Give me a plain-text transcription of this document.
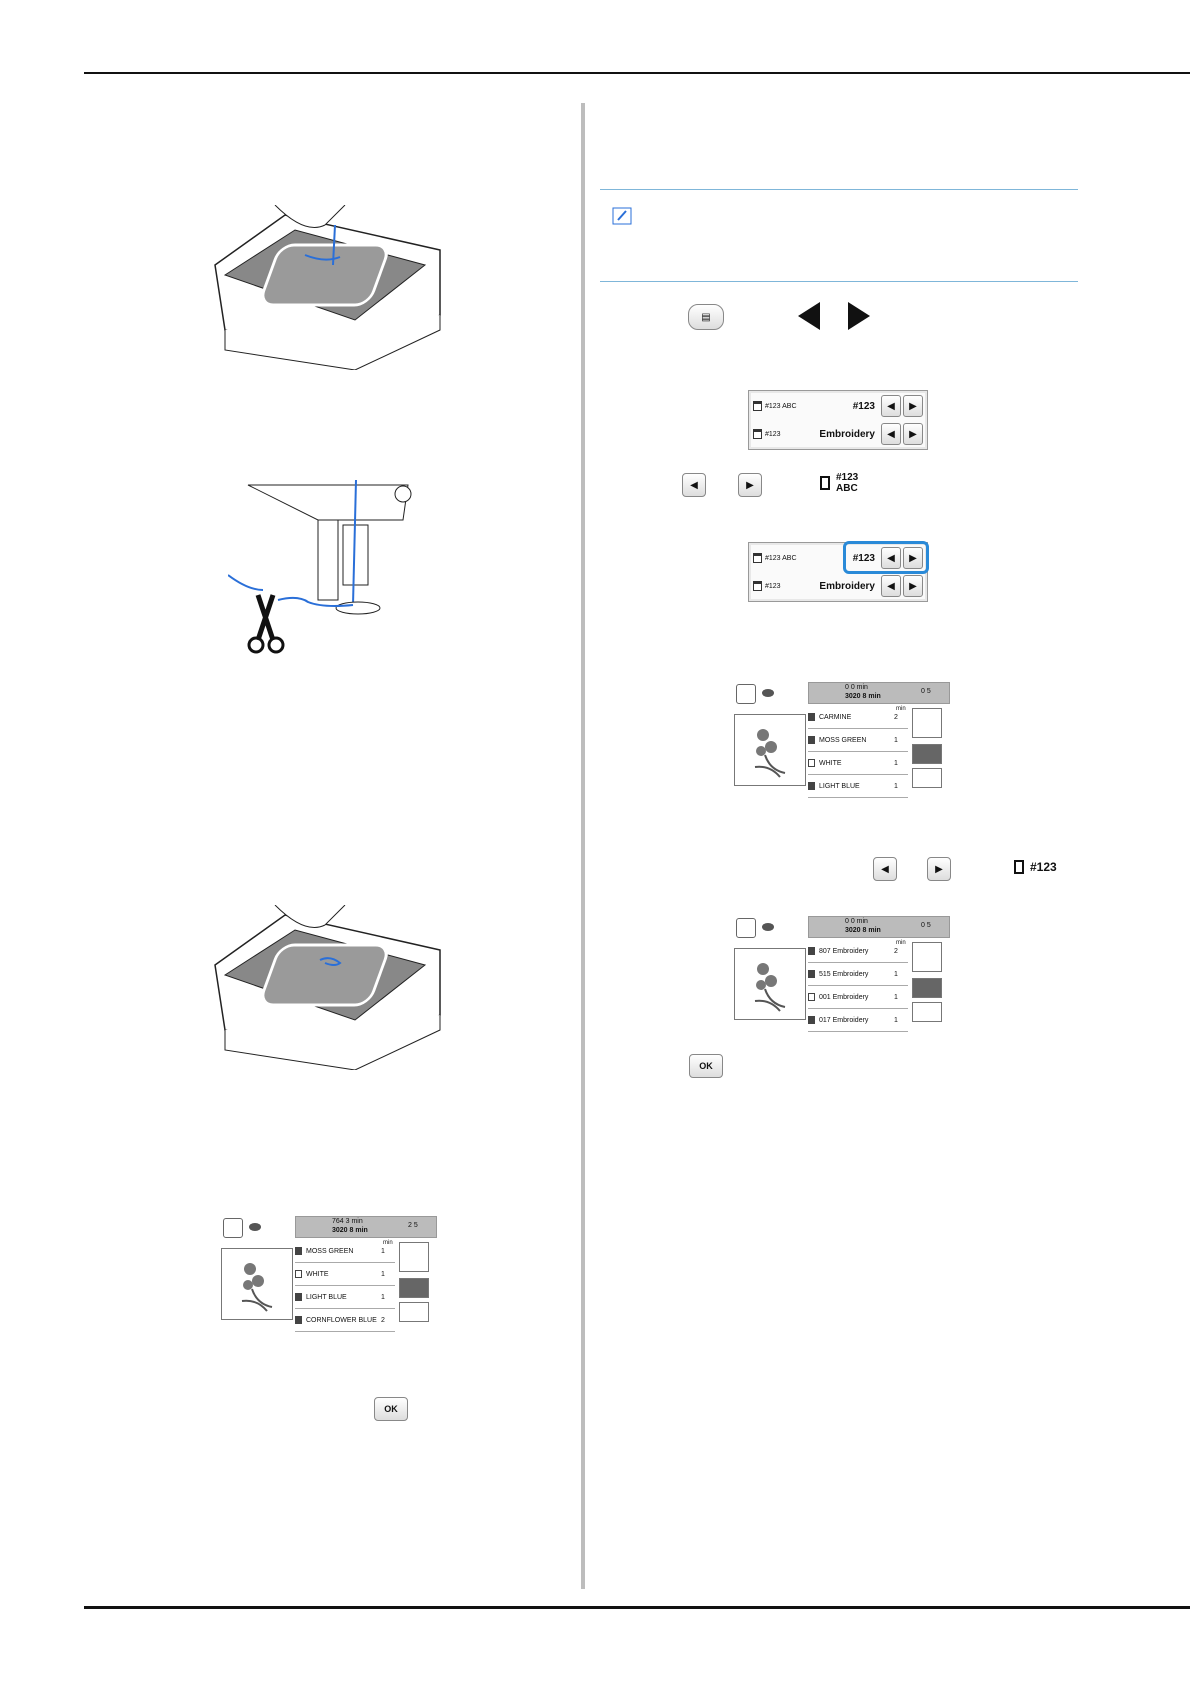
764 3 min
3020 8 min
2 5
MOSS GREEN	1
WHITE	1
LIGHT BLUE	1
CORNFLOWER BLUE 2
min
OK
▤
#123 ABC	#123	◀	▶
#123	Embroidery	◀	▶
◀	▶
#123 ABC
#123 ABC	#123	◀	▶
#123	Embroidery	◀	▶
0 0 min
3020 8 min
0 5
CARMINE	2
MOSS GREEN	1
WHITE	1
LIGHT BLUE	1
min
◀	▶	#123
0 0 min
3020 8 min
0 5
807 Embroidery	2
515 Embroidery	1
001 Embroidery	1
017 Embroidery	1
min
OK
